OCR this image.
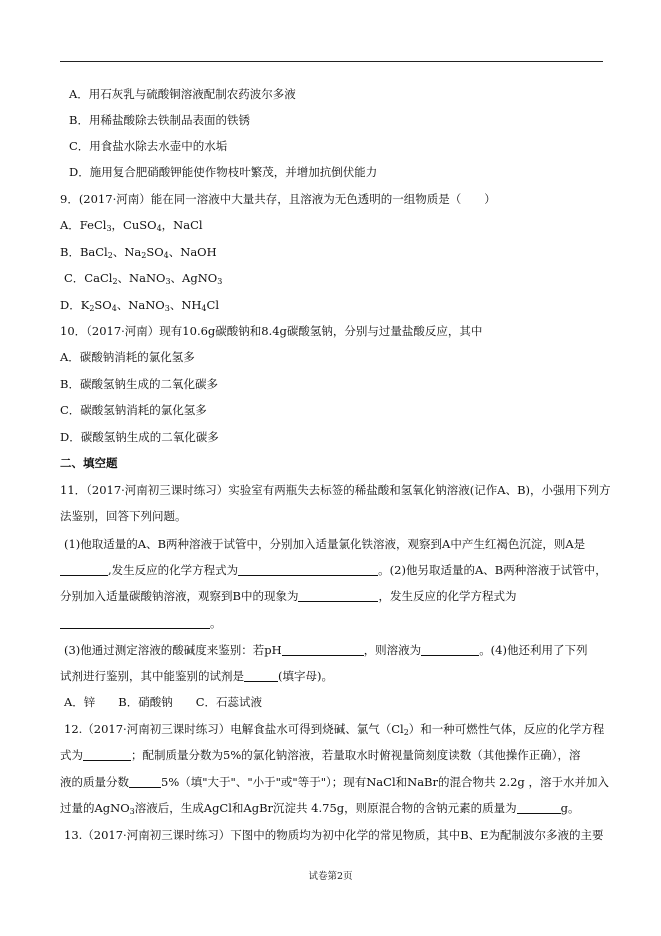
A．用石灰乳与硫酸铜溶液配制农药波尔多液
B．用稀盐酸除去铁制品表面的铁锈
C．用食盐水除去水壶中的水垢
D．施用复合肥硝酸钾能使作物枝叶繁茂，并增加抗倒伏能力
9．(2017·河南）能在同一溶液中大量共存，且溶液为无色透明的一组物质是（　　）
A．FeCl$_3$，CuSO$_4$，NaCl
B．BaCl$_2$、$Na_2SO_4$、NaOH
C．CaCl$_2$、NaNO$_3$、AgNO$_3$
D．$K_2SO_4$、NaNO$_3$、$NH_4Cl$
10．（2017·河南）现有10.6g碳酸钠和8.4g碳酸氢钠，分别与过量盐酸反应，其中
A．碳酸钠消耗的氯化氢多
B．碳酸氢钠生成的二氧化碳多
C．碳酸氢钠消耗的氯化氢多
D．碳酸氢钠生成的二氧化碳多
二、填空题
11．（2017·河南初三课时练习）实验室有两瓶失去标签的稀盐酸和氢氧化钠溶液(记作A、B)，小强用下列方
法鉴别，回答下列问题。
(1)他取适量的A、B两种溶液于试管中，分别加入适量氯化铁溶液，观察到A中产生红褐色沉淀，则A是
,发生反应的化学方程式为	。(2)他另取适量的A、B两种溶液于试管中，
分别加入适量碳酸钠溶液，观察到B中的现象为	，发生反应的化学方程式为
。
(3)他通过测定溶液的酸碱度来鉴别：若pH	，则溶液为	。(4)他还利用了下列
试剂进行鉴别，其中能鉴别的试剂是	(填字母)。
A．锌　　B．硝酸钠　　C．石蕊试液
12.（2017·河南初三课时练习）电解食盐水可得到烧碱、氯气$(Cl_2)$和一种可燃性气体，反应的化学方程
式为	；配制质量分数为5%的氯化钠溶液，若量取水时俯视量筒刻度读数（其他操作正确），溶
液的质量分数	5%（填"大于"、"小于"或"等于"）；现有NaCl和NaBr的混合物共 2.2g ，溶于水并加入
过量的AgNO$_3$溶液后，生成AgCl和AgBr沉淀共 4.75g，则原混合物的含钠元素的质量为	g。
13.（2017·河南初三课时练习）下图中的物质均为初中化学的常见物质，其中B、E为配制波尔多液的主要
试卷第2页
